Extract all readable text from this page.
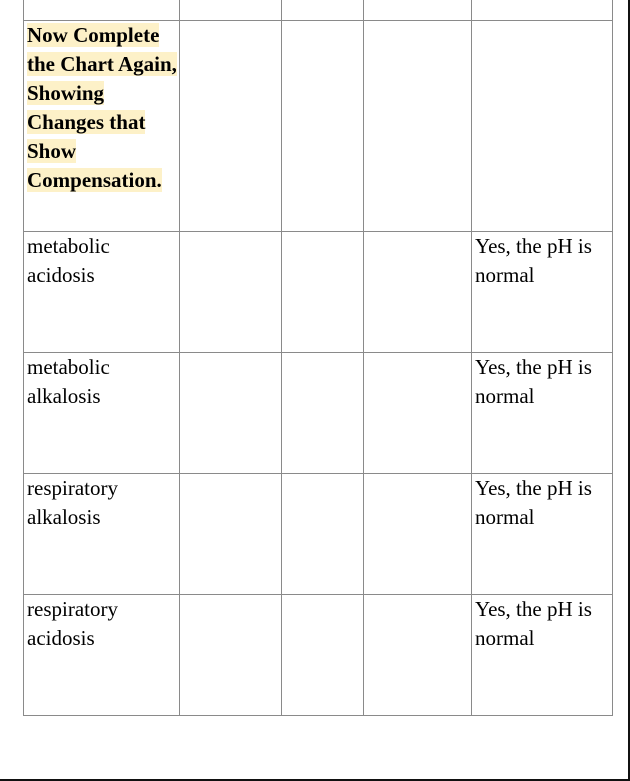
Now Complete the Chart Again, Showing Changes that Show Compensation.				
metabolic acidosis				Yes, the pH is normal
metabolic alkalosis				Yes, the pH is normal
respiratory alkalosis				Yes, the pH is normal
respiratory acidosis				Yes, the pH is normal
